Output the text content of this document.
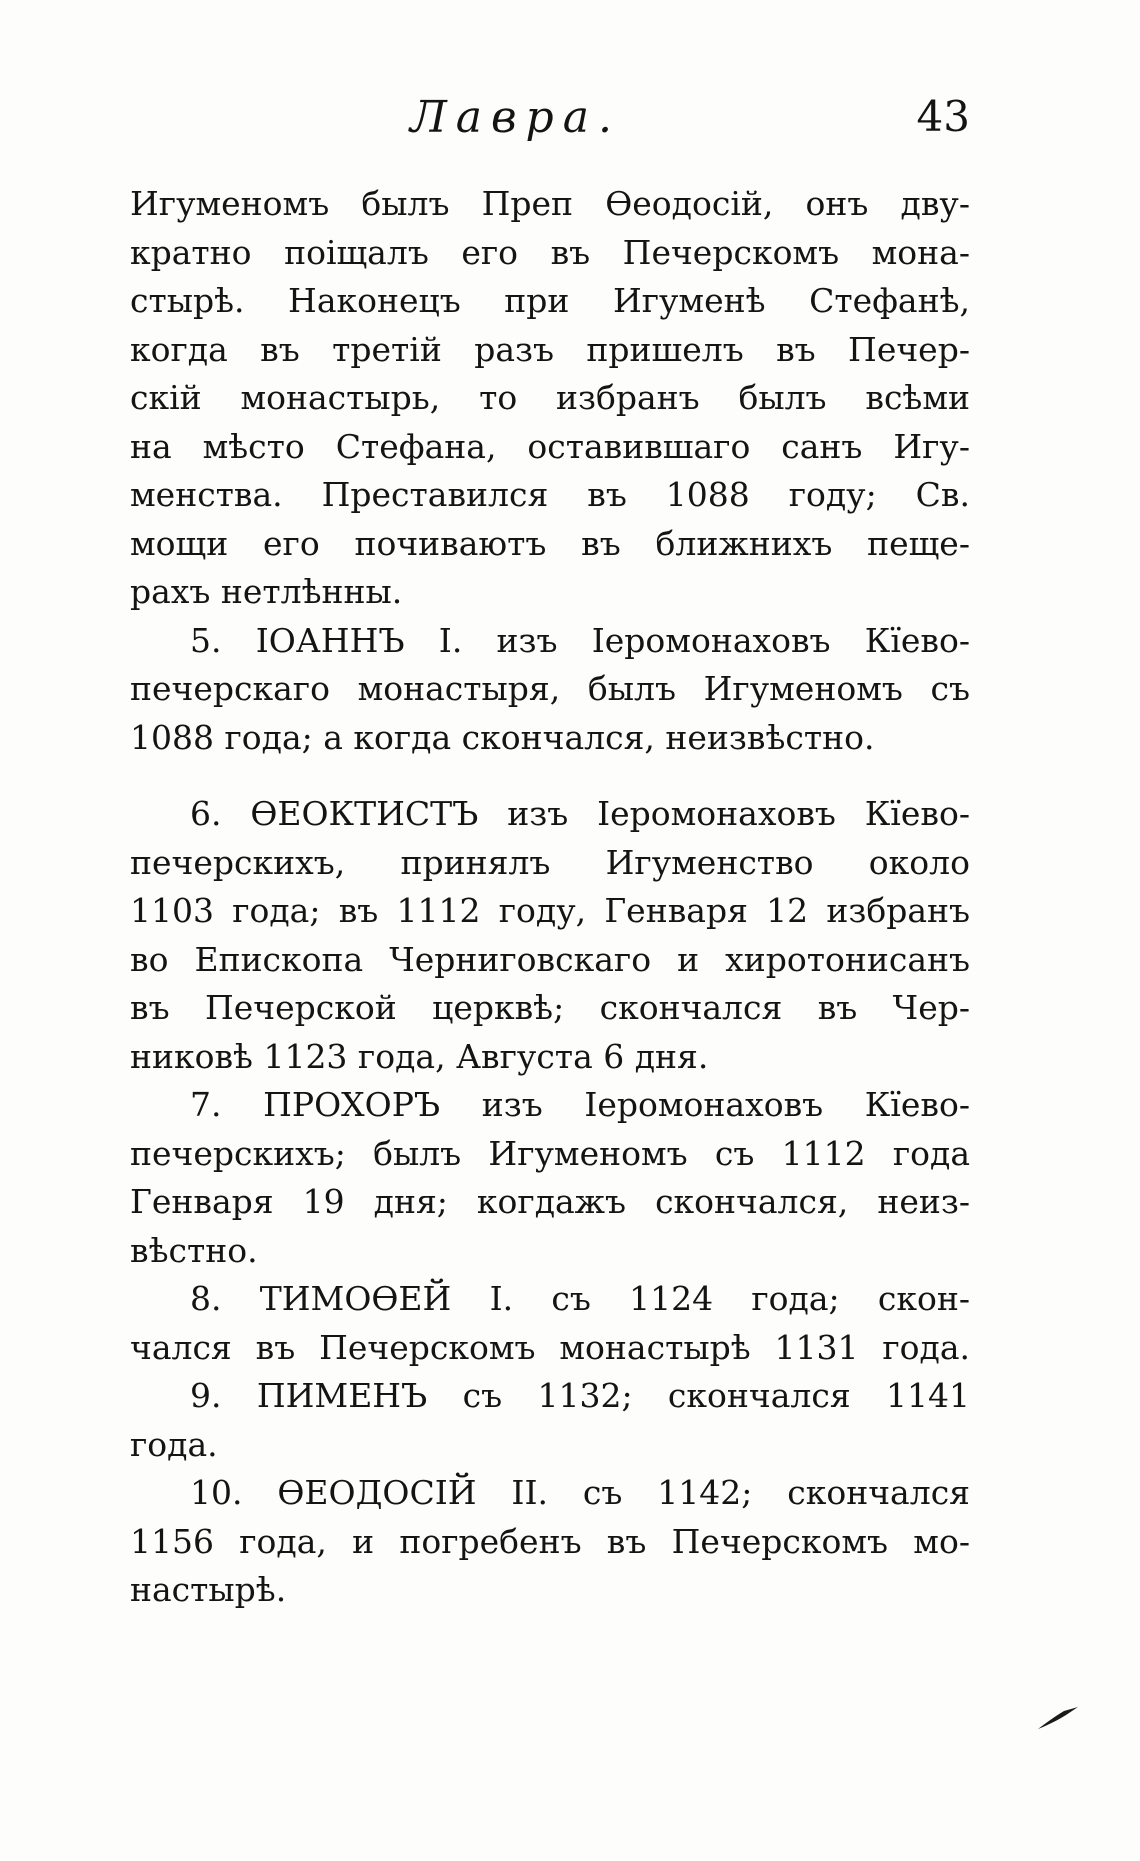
Лавра.	43
Игуменомъ былъ Преп Ѳеодосій, онъ дву-
кратно поіщалъ его въ Печерскомъ мона-
стырѣ. Наконецъ при Игуменѣ Стефанѣ,
когда въ третій разъ пришелъ въ Печер-
скій монастырь, то избранъ былъ всѣми
на мѣсто Стефана, оставившаго санъ Игу-
менства. Преставился въ 1088 году; Св.
мощи его почиваютъ въ ближнихъ пеще-
рахъ нетлѣнны.
5. ІОАННЪ I. изъ Іеромонаховъ Кїево-
печерскаго монастыря, былъ Игуменомъ съ
1088 года; а когда скончался, неизвѣстно.
6. ѲЕОКТИСТЪ изъ Іеромонаховъ Кїево-
печерскихъ, принялъ Игуменство около
1103 года; въ 1112 году, Генваря 12 избранъ
во Епископа Черниговскаго и хиротонисанъ
въ Печерской церквѣ; скончался въ Чер-
никовѣ 1123 года, Августа 6 дня.
7. ПРОХОРЪ изъ Іеромонаховъ Кїево-
печерскихъ; былъ Игуменомъ съ 1112 года
Генваря 19 дня; когдажъ скончался, неиз-
вѣстно.
8. ТИМОѲЕЙ I. съ 1124 года; скон-
чался въ Печерскомъ монастырѣ 1131 года.
9. ПИМЕНЪ съ 1132; скончался 1141
года.
10. ѲЕОДОСІЙ II. съ 1142; скончался
1156 года, и погребенъ въ Печерскомъ мо-
настырѣ.
